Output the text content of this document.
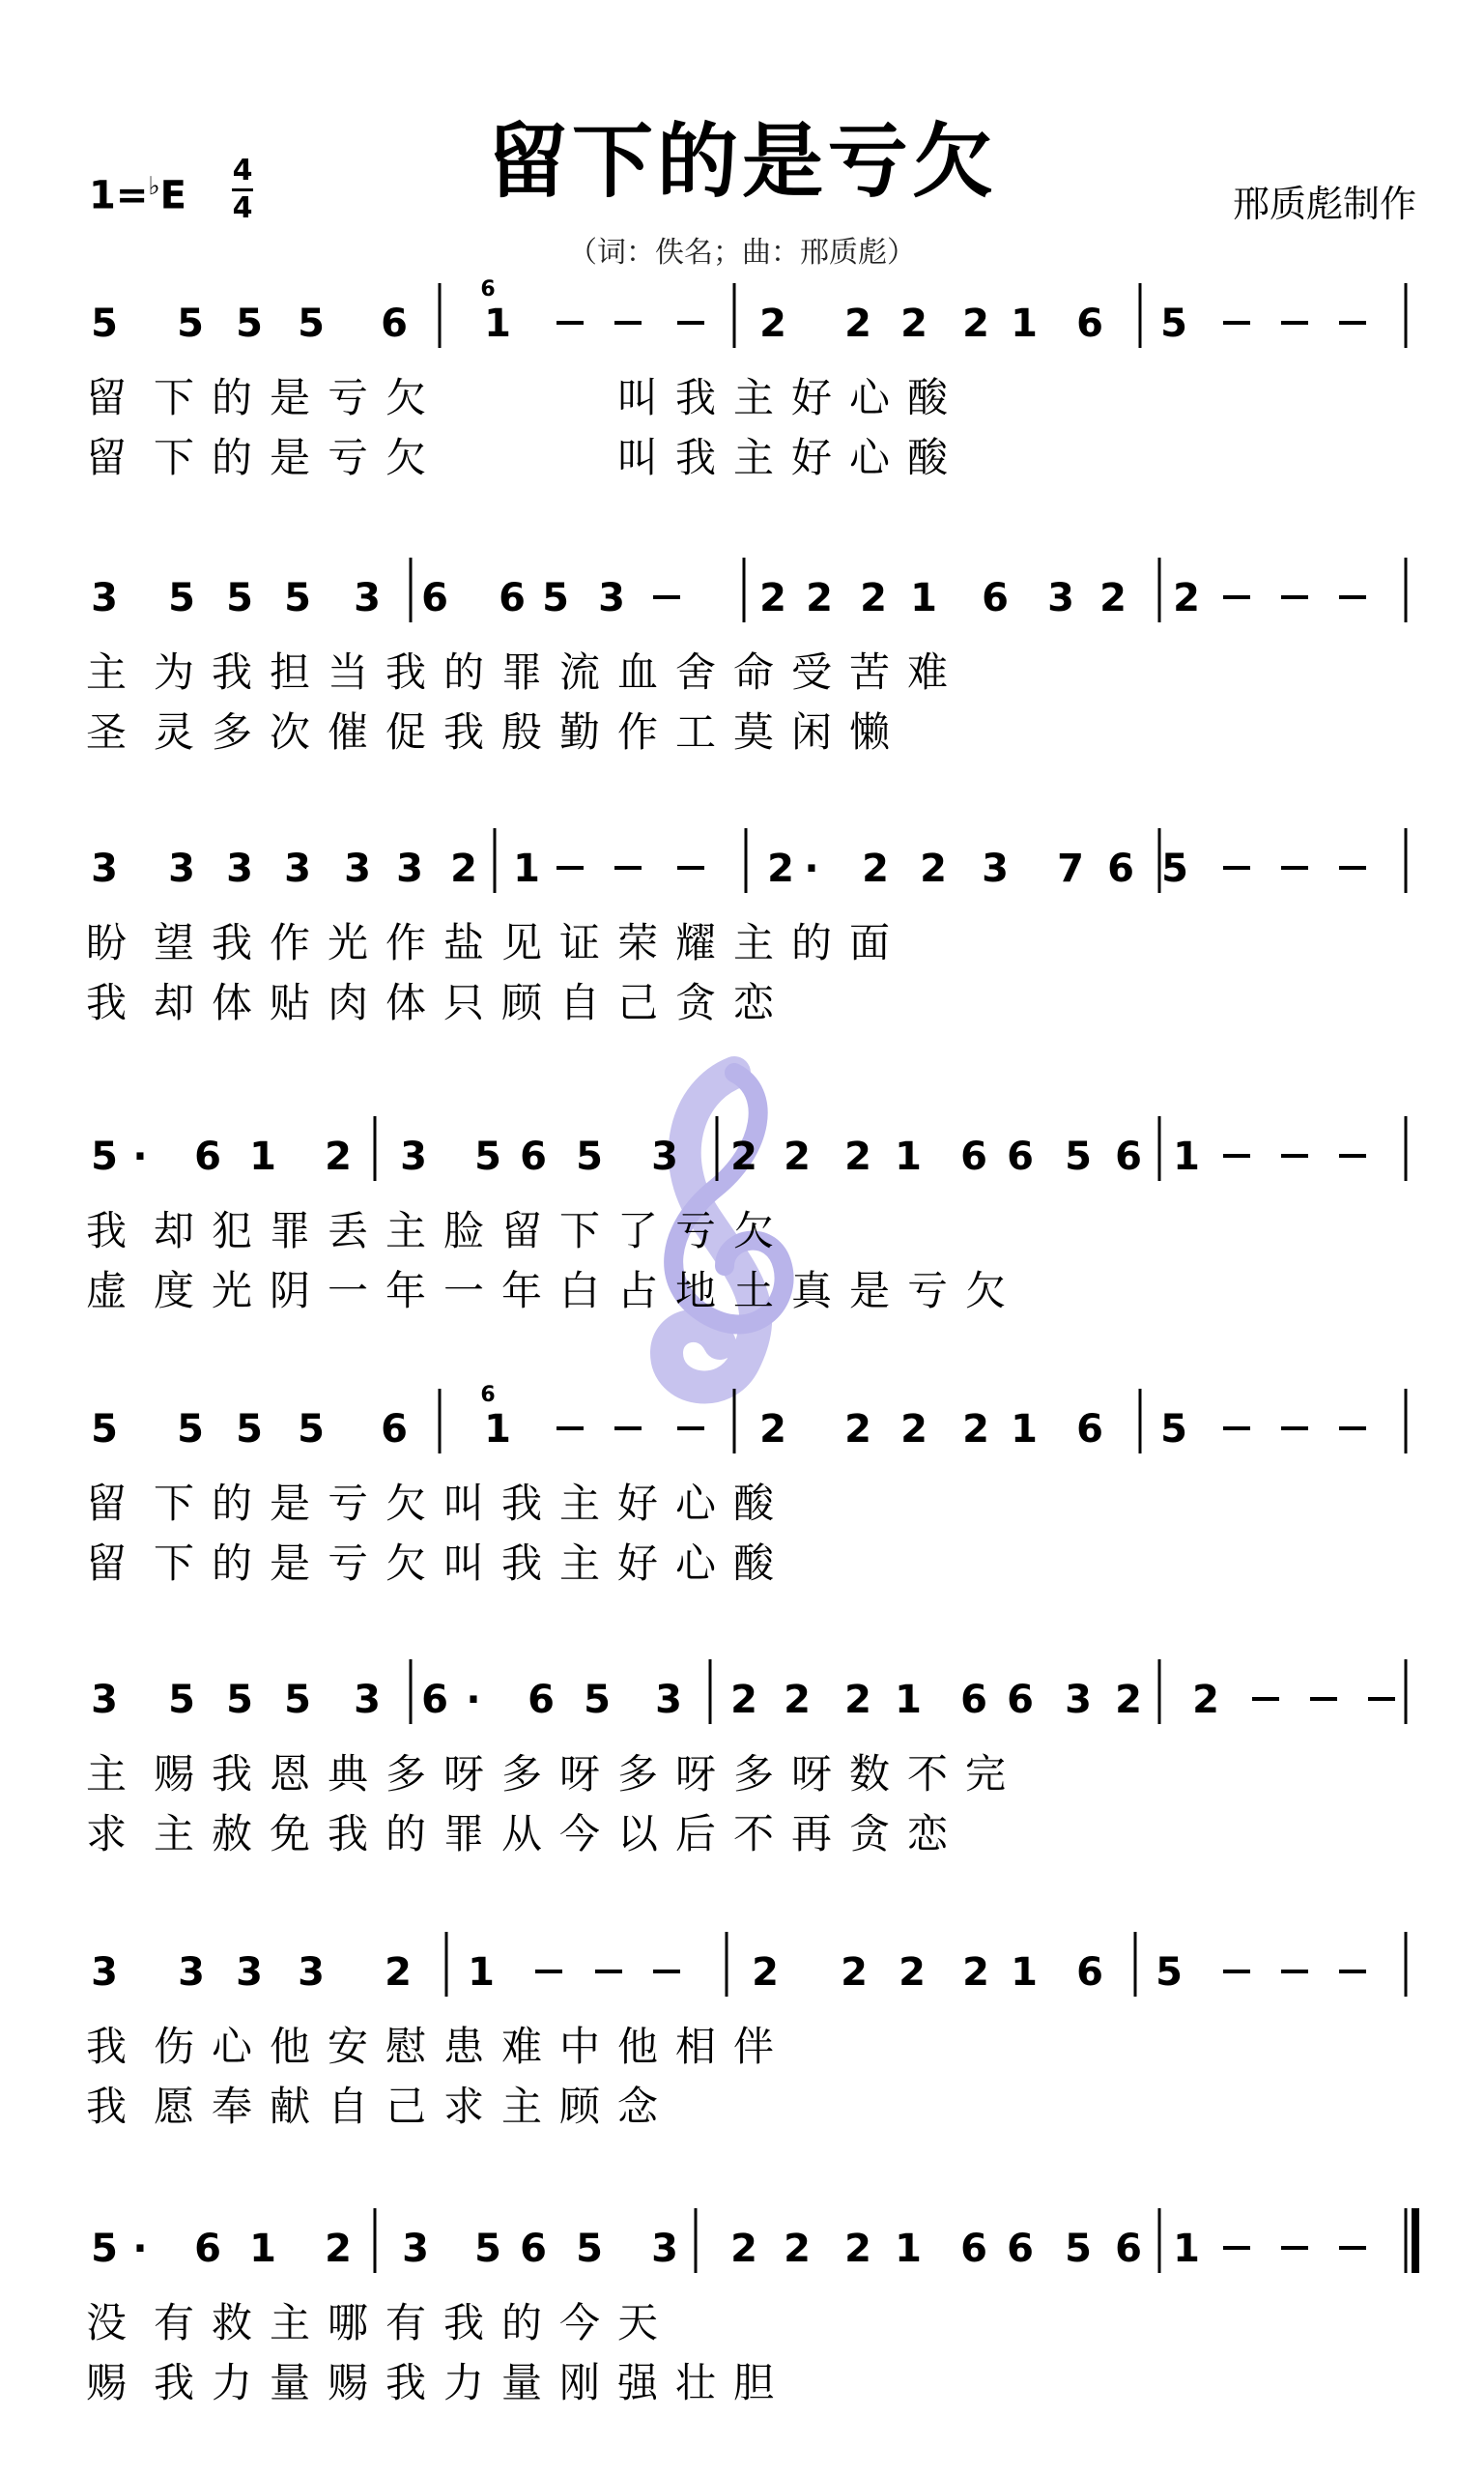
留下的是亏欠
（词：佚名；曲：邢质彪）
1=♭E
4
4	邢质彪制作
5 5 5 5 6 1	2 2 2 2 1 6 5
6
留 下 的 是 亏 欠	叫 我 主 好 心 酸
留 下 的 是 亏 欠	叫 我 主 好 心 酸
3 5 5 5 3 6 6 5 3	2 2 2 1 6 3 2 2
主 为 我 担 当 我 的 罪 流 血 舍 命 受 苦 难
圣 灵 多 次 催 促 我 殷 勤 作 工 莫 闲 懒
3 3 3 3 3 3 2 1	2 · 2 2 3 7 6 5
盼 望 我 作 光 作 盐 见 证 荣 耀 主 的 面
我 却 体 贴 肉 体 只 顾 自 己 贪 恋
5 · 6 1 2 3 5 6 5 3 2 2 2 1 6 6 5 6 1
我 却 犯 罪 丢 主 脸 留 下 了 亏 欠
虚 度 光 阴 一 年 一 年 白 占 地 土 真 是 亏 欠
5 5 5 5 6 1	2 2 2 2 1 6 5
6
留 下 的 是 亏 欠 叫 我 主 好 心 酸
留 下 的 是 亏 欠 叫 我 主 好 心 酸
3 5 5 5 3 6 · 6 5 3 2 2 2 1 6 6 3 2 2
主 赐 我 恩 典 多 呀 多 呀 多 呀 多 呀 数 不 完
求 主 赦 免 我 的 罪 从 今 以 后 不 再 贪 恋
3 3 3 3 2 1	2 2 2 2 1 6 5
我 伤 心 他 安 慰 患 难 中 他 相 伴
我 愿 奉 献 自 己 求 主 顾 念
5 · 6 1 2 3 5 6 5 3 2 2 2 1 6 6 5 6 1
没 有 救 主 哪 有 我 的 今 天
赐 我 力 量 赐 我 力 量 刚 强 壮 胆
